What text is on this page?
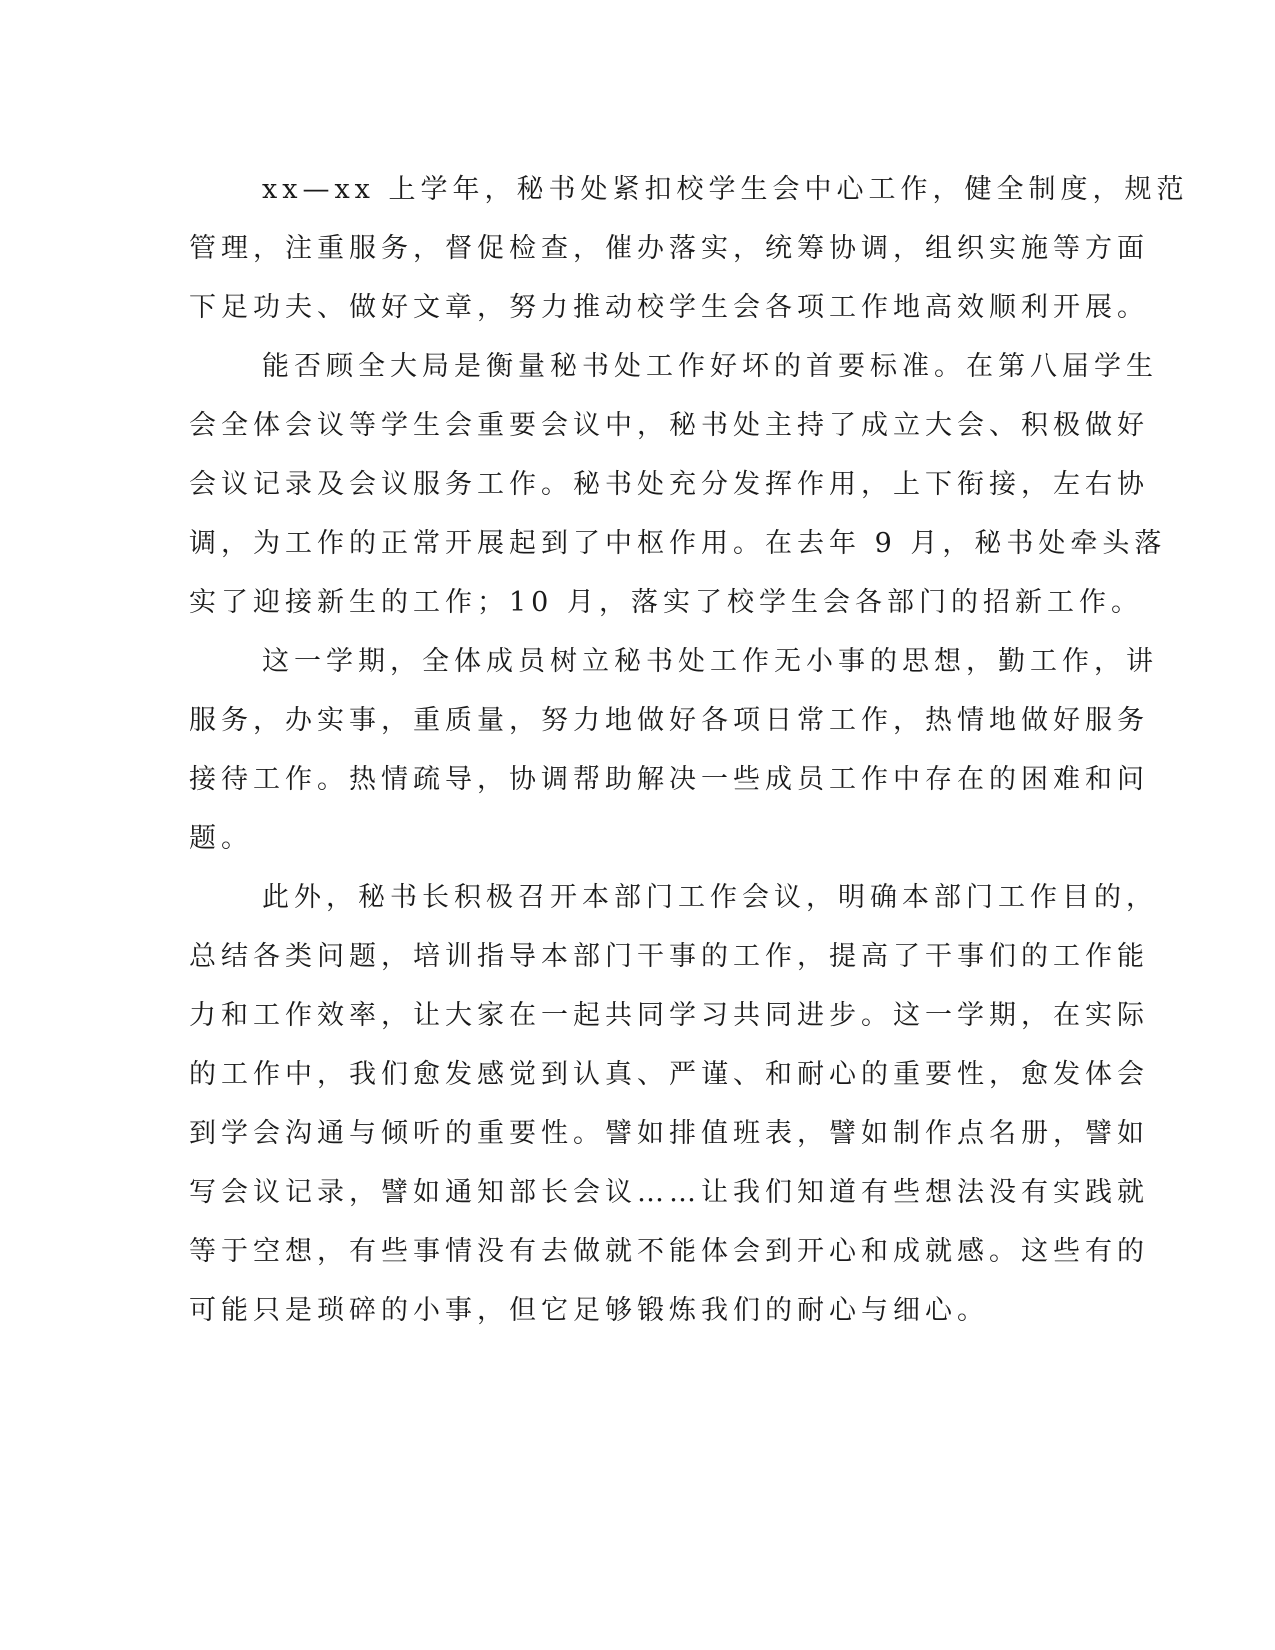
xx—xx 上学年，秘书处紧扣校学生会中心工作，健全制度，规范
管理，注重服务，督促检查，催办落实，统筹协调，组织实施等方面
下足功夫、做好文章，努力推动校学生会各项工作地高效顺利开展。
能否顾全大局是衡量秘书处工作好坏的首要标准。在第八届学生
会全体会议等学生会重要会议中，秘书处主持了成立大会、积极做好
会议记录及会议服务工作。秘书处充分发挥作用，上下衔接，左右协
调，为工作的正常开展起到了中枢作用。在去年 9 月，秘书处牵头落
实了迎接新生的工作；10 月，落实了校学生会各部门的招新工作。
这一学期，全体成员树立秘书处工作无小事的思想，勤工作，讲
服务，办实事，重质量，努力地做好各项日常工作，热情地做好服务
接待工作。热情疏导，协调帮助解决一些成员工作中存在的困难和问
题。
此外，秘书长积极召开本部门工作会议，明确本部门工作目的，
总结各类问题，培训指导本部门干事的工作，提高了干事们的工作能
力和工作效率，让大家在一起共同学习共同进步。这一学期，在实际
的工作中，我们愈发感觉到认真、严谨、和耐心的重要性，愈发体会
到学会沟通与倾听的重要性。譬如排值班表，譬如制作点名册，譬如
写会议记录，譬如通知部长会议……让我们知道有些想法没有实践就
等于空想，有些事情没有去做就不能体会到开心和成就感。这些有的
可能只是琐碎的小事，但它足够锻炼我们的耐心与细心。
